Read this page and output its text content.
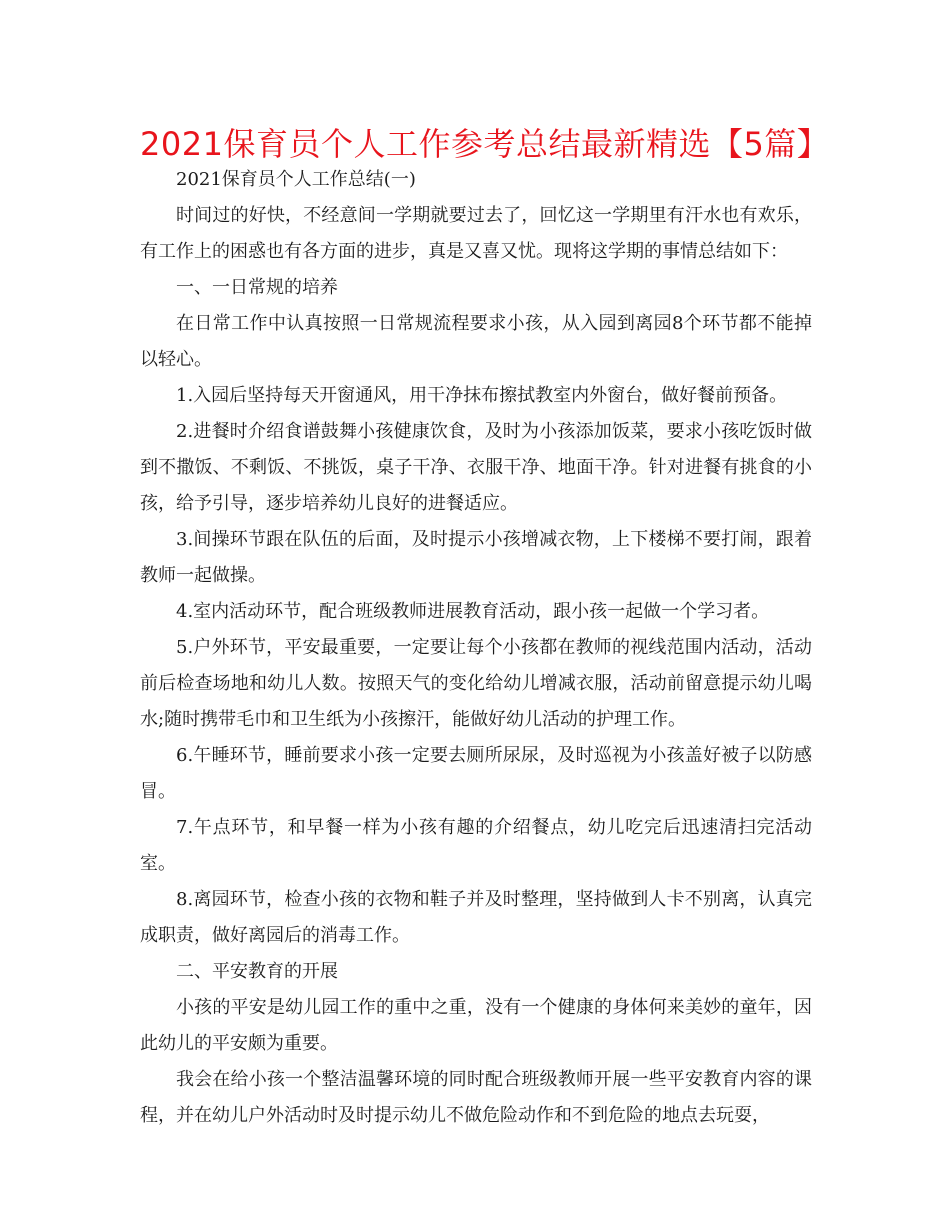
2021保育员个人工作参考总结最新精选【5篇】

2021保育员个人工作总结(一)

时间过的好快，不经意间一学期就要过去了，回忆这一学期里有汗水也有欢乐，有工作上的困惑也有各方面的进步，真是又喜又忧。现将这学期的事情总结如下：

一、一日常规的培养

在日常工作中认真按照一日常规流程要求小孩，从入园到离园8个环节都不能掉以轻心。

1.入园后坚持每天开窗通风，用干净抹布擦拭教室内外窗台，做好餐前预备。

2.进餐时介绍食谱鼓舞小孩健康饮食，及时为小孩添加饭菜，要求小孩吃饭时做到不撒饭、不剩饭、不挑饭，桌子干净、衣服干净、地面干净。针对进餐有挑食的小孩，给予引导，逐步培养幼儿良好的进餐适应。

3.间操环节跟在队伍的后面，及时提示小孩增减衣物，上下楼梯不要打闹，跟着教师一起做操。

4.室内活动环节，配合班级教师进展教育活动，跟小孩一起做一个学习者。

5.户外环节，平安最重要，一定要让每个小孩都在教师的视线范围内活动，活动前后检查场地和幼儿人数。按照天气的变化给幼儿增减衣服，活动前留意提示幼儿喝水;随时携带毛巾和卫生纸为小孩擦汗，能做好幼儿活动的护理工作。

6.午睡环节，睡前要求小孩一定要去厕所尿尿，及时巡视为小孩盖好被子以防感冒。

7.午点环节，和早餐一样为小孩有趣的介绍餐点，幼儿吃完后迅速清扫完活动室。

8.离园环节，检查小孩的衣物和鞋子并及时整理，坚持做到人卡不别离，认真完成职责，做好离园后的消毒工作。

二、平安教育的开展

小孩的平安是幼儿园工作的重中之重，没有一个健康的身体何来美妙的童年，因此幼儿的平安颇为重要。

我会在给小孩一个整洁温馨环境的同时配合班级教师开展一些平安教育内容的课程，并在幼儿户外活动时及时提示幼儿不做危险动作和不到危险的地点去玩耍，
